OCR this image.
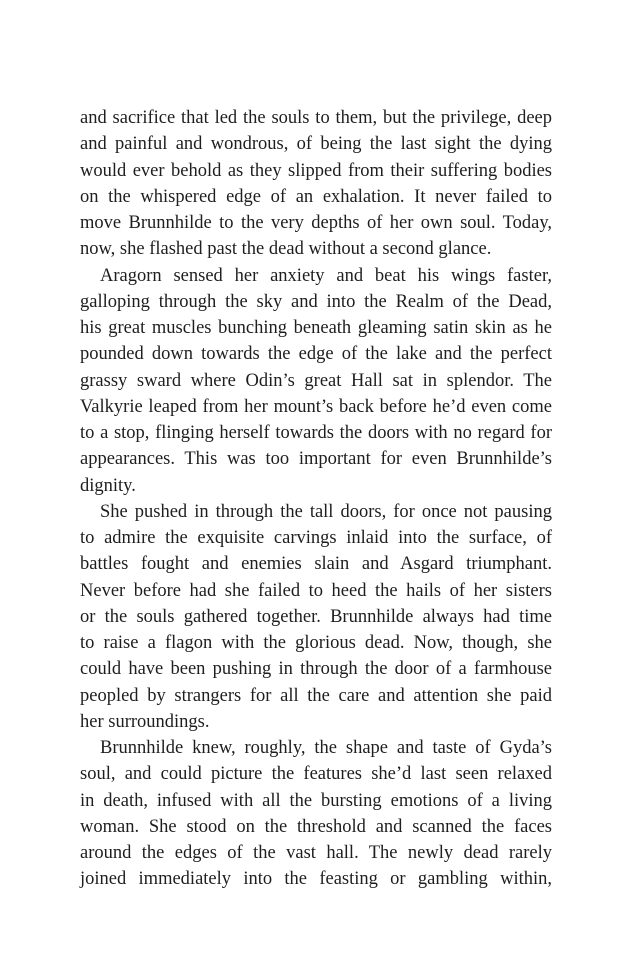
and sacrifice that led the souls to them, but the privilege, deep
and painful and wondrous, of being the last sight the dying
would ever behold as they slipped from their suffering bodies
on the whispered edge of an exhalation. It never failed to
move Brunnhilde to the very depths of her own soul. Today,
now, she flashed past the dead without a second glance.
Aragorn sensed her anxiety and beat his wings faster,
galloping through the sky and into the Realm of the Dead,
his great muscles bunching beneath gleaming satin skin as he
pounded down towards the edge of the lake and the perfect
grassy sward where Odin’s great Hall sat in splendor. The
Valkyrie leaped from her mount’s back before he’d even come
to a stop, flinging herself towards the doors with no regard for
appearances. This was too important for even Brunnhilde’s
dignity.
She pushed in through the tall doors, for once not pausing
to admire the exquisite carvings inlaid into the surface, of
battles fought and enemies slain and Asgard triumphant.
Never before had she failed to heed the hails of her sisters
or the souls gathered together. Brunnhilde always had time
to raise a flagon with the glorious dead. Now, though, she
could have been pushing in through the door of a farmhouse
peopled by strangers for all the care and attention she paid
her surroundings.
Brunnhilde knew, roughly, the shape and taste of Gyda’s
soul, and could picture the features she’d last seen relaxed
in death, infused with all the bursting emotions of a living
woman. She stood on the threshold and scanned the faces
around the edges of the vast hall. The newly dead rarely
joined immediately into the feasting or gambling within,
